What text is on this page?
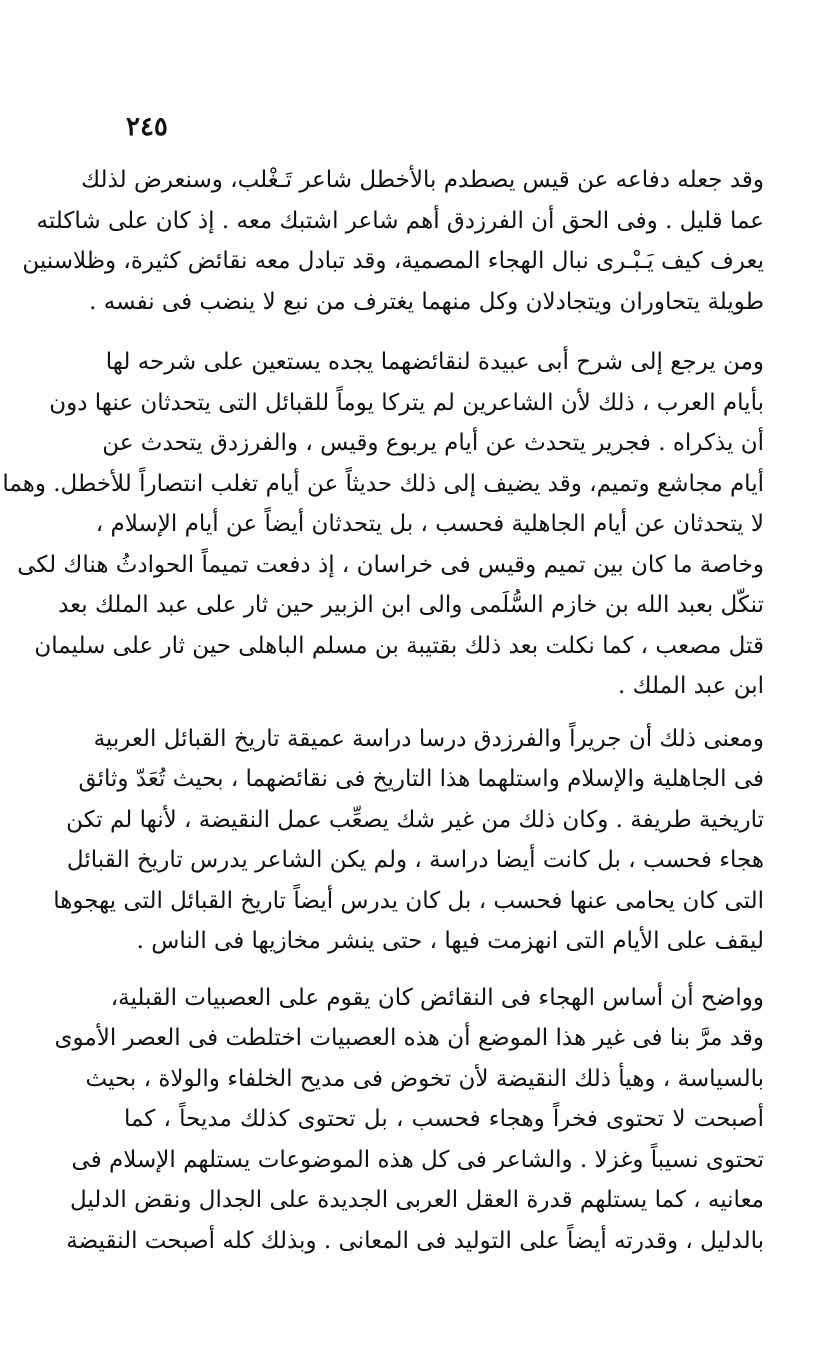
٢٤٥
وقد جعله دفاعه عن قيس يصطدم بالأخطل شاعر تَـغْلب، وسنعرض لذلك
عما قليل . وفى الحق أن الفرزدق أهم شاعر اشتبك معه . إذ كان على شاكلته
يعرف كيف يَـبْـرى نبال الهجاء المصمية، وقد تبادل معه نقائض كثيرة، وظلاسنين
طويلة يتحاوران ويتجادلان وكل منهما يغترف من نبع لا ينضب فى نفسه .
ومن يرجع إلى شرح أبى عبيدة لنقائضهما يجده يستعين على شرحه لها
بأيام العرب ، ذلك لأن الشاعرين لم يتركا يوماً للقبائل التى يتحدثان عنها دون
أن يذكراه . فجرير يتحدث عن أيام يربوع وقيس ، والفرزدق يتحدث عن
أيام مجاشع وتميم، وقد يضيف إلى ذلك حديثاً عن أيام تغلب انتصاراً للأخطل. وهما
لا يتحدثان عن أيام الجاهلية فحسب ، بل يتحدثان أيضاً عن أيام الإسلام ،
وخاصة ما كان بين تميم وقيس فى خراسان ، إذ دفعت تميماً الحوادثُ هناك لكى
تنكّل بعبد الله بن خازم السُّلَمى والى ابن الزبير حين ثار على عبد الملك بعد
قتل مصعب ، كما نكلت بعد ذلك بقتيبة بن مسلم الباهلى حين ثار على سليمان
ابن عبد الملك .
ومعنى ذلك أن جريراً والفرزدق درسا دراسة عميقة تاريخ القبائل العربية
فى الجاهلية والإسلام واستلهما هذا التاريخ فى نقائضهما ، بحيث تُعَدّ وثائق
تاريخية طريفة . وكان ذلك من غير شك يصعِّب عمل النقيضة ، لأنها لم تكن
هجاء فحسب ، بل كانت أيضا دراسة ، ولم يكن الشاعر يدرس تاريخ القبائل
التى كان يحامى عنها فحسب ، بل كان يدرس أيضاً تاريخ القبائل التى يهجوها
ليقف على الأيام التى انهزمت فيها ، حتى ينشر مخازيها فى الناس .
وواضح أن أساس الهجاء فى النقائض كان يقوم على العصبيات القبلية،
وقد مرَّ بنا فى غير هذا الموضع أن هذه العصبيات اختلطت فى العصر الأموى
بالسياسة ، وهيأ ذلك النقيضة لأن تخوض فى مديح الخلفاء والولاة ، بحيث
أصبحت لا تحتوى فخراً وهجاء فحسب ، بل تحتوى كذلك مديحاً ، كما
تحتوى نسيباً وغزلا . والشاعر فى كل هذه الموضوعات يستلهم الإسلام فى
معانيه ، كما يستلهم قدرة العقل العربى الجديدة على الجدال ونقض الدليل
بالدليل ، وقدرته أيضاً على التوليد فى المعانى . وبذلك كله أصبحت النقيضة
